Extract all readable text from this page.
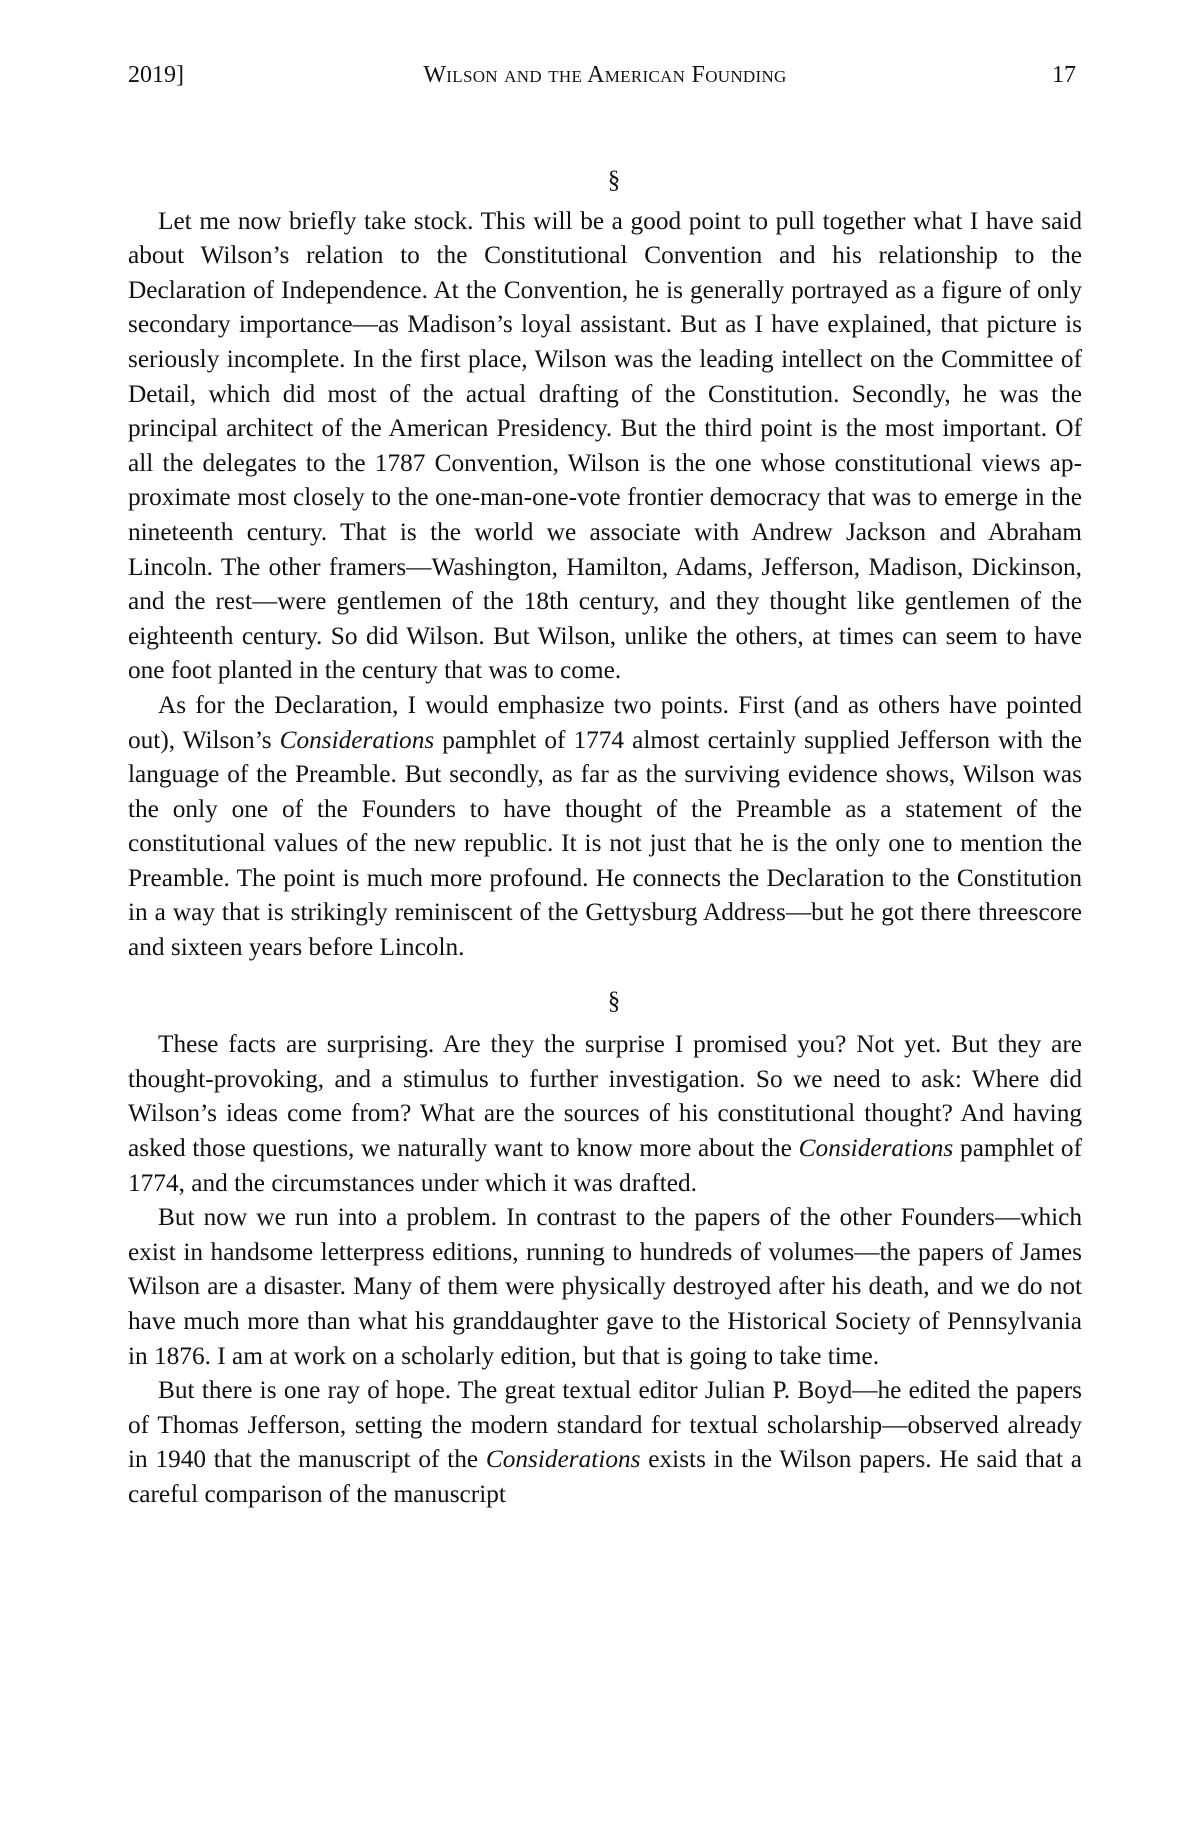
2019]	Wilson and the American Founding	17
§

Let me now briefly take stock. This will be a good point to pull together what I have said about Wilson’s relation to the Constitutional Convention and his relationship to the Declaration of Independence. At the Convention, he is generally portrayed as a figure of only secondary importance—as Madison’s loyal assistant. But as I have explained, that picture is seriously incomplete. In the first place, Wilson was the leading intellect on the Committee of Detail, which did most of the actual drafting of the Constitution. Secondly, he was the principal architect of the American Presidency. But the third point is the most important. Of all the delegates to the 1787 Convention, Wilson is the one whose constitutional views approximate most closely to the one-man-one-vote frontier democracy that was to emerge in the nineteenth century. That is the world we associate with Andrew Jackson and Abraham Lincoln. The other framers—Washington, Hamilton, Adams, Jefferson, Madison, Dickinson, and the rest—were gentlemen of the 18th century, and they thought like gentlemen of the eighteenth century. So did Wilson. But Wilson, unlike the others, at times can seem to have one foot planted in the century that was to come.

As for the Declaration, I would emphasize two points. First (and as others have pointed out), Wilson’s Considerations pamphlet of 1774 almost certainly supplied Jefferson with the language of the Preamble. But secondly, as far as the surviving evidence shows, Wilson was the only one of the Founders to have thought of the Preamble as a statement of the constitutional values of the new republic. It is not just that he is the only one to mention the Preamble. The point is much more profound. He connects the Declaration to the Constitution in a way that is strikingly reminiscent of the Gettysburg Address—but he got there threescore and sixteen years before Lincoln.

§

These facts are surprising. Are they the surprise I promised you? Not yet. But they are thought-provoking, and a stimulus to further investigation. So we need to ask: Where did Wilson’s ideas come from? What are the sources of his constitutional thought? And having asked those questions, we naturally want to know more about the Considerations pamphlet of 1774, and the circumstances under which it was drafted.

But now we run into a problem. In contrast to the papers of the other Founders—which exist in handsome letterpress editions, running to hundreds of volumes—the papers of James Wilson are a disaster. Many of them were physically destroyed after his death, and we do not have much more than what his granddaughter gave to the Historical Society of Pennsylvania in 1876. I am at work on a scholarly edition, but that is going to take time.

But there is one ray of hope. The great textual editor Julian P. Boyd—he edited the papers of Thomas Jefferson, setting the modern standard for textual scholarship—observed already in 1940 that the manuscript of the Considerations exists in the Wilson papers. He said that a careful comparison of the manuscript
